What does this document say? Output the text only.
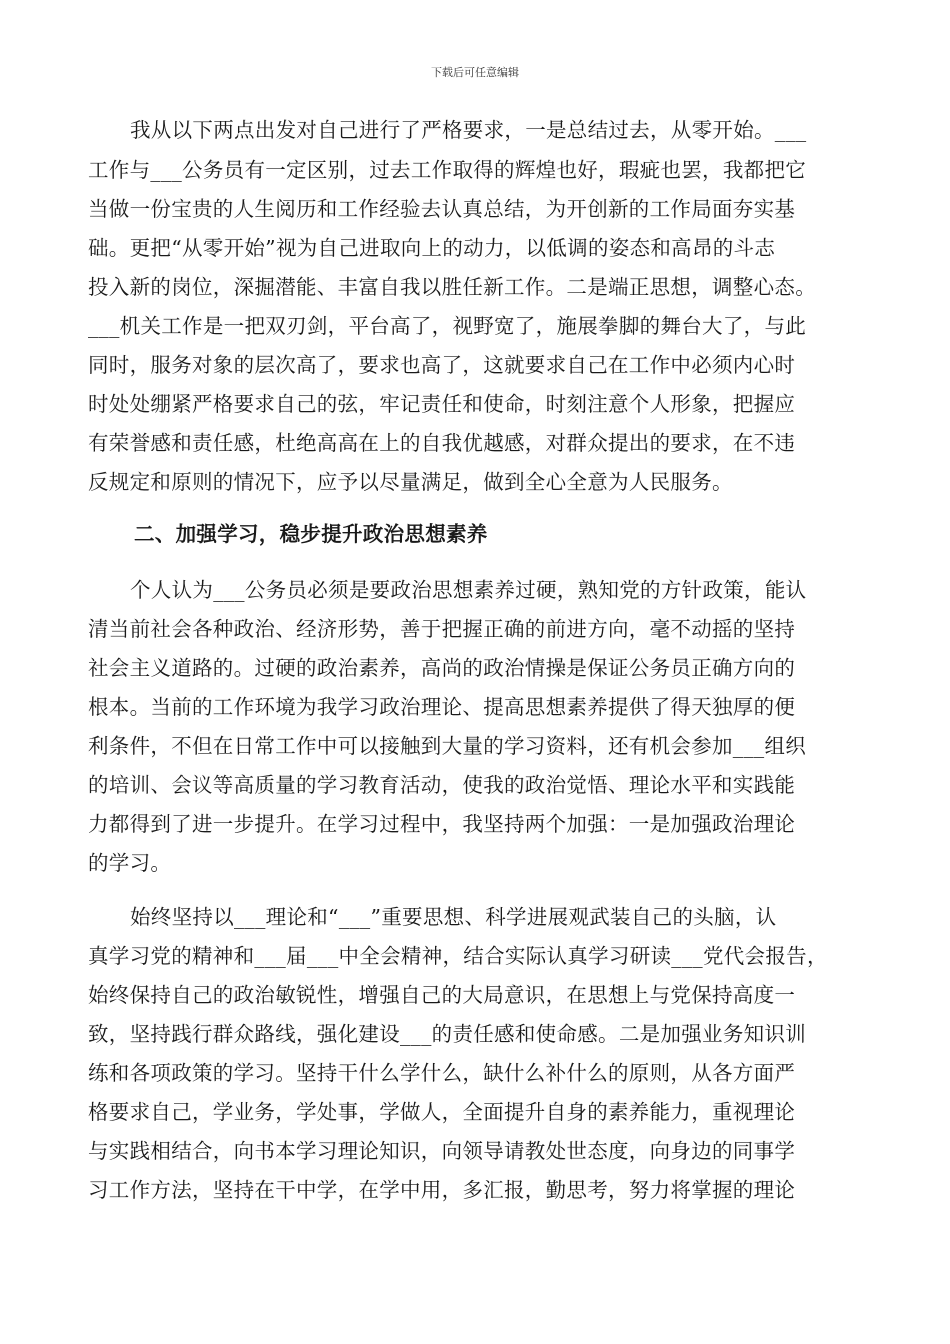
下载后可任意编辑
我从以下两点出发对自己进行了严格要求，一是总结过去，从零开始。___
工作与___公务员有一定区别，过去工作取得的辉煌也好，瑕疵也罢，我都把它
当做一份宝贵的人生阅历和工作经验去认真总结，为开创新的工作局面夯实基
础。更把“从零开始”视为自己进取向上的动力，以低调的姿态和高昂的斗志
投入新的岗位，深掘潜能、丰富自我以胜任新工作。二是端正思想，调整心态。
___机关工作是一把双刃剑，平台高了，视野宽了，施展拳脚的舞台大了，与此
同时，服务对象的层次高了，要求也高了，这就要求自己在工作中必须内心时
时处处绷紧严格要求自己的弦，牢记责任和使命，时刻注意个人形象，把握应
有荣誉感和责任感，杜绝高高在上的自我优越感，对群众提出的要求，在不违
反规定和原则的情况下，应予以尽量满足，做到全心全意为人民服务。
二、加强学习，稳步提升政治思想素养
个人认为___公务员必须是要政治思想素养过硬，熟知党的方针政策，能认
清当前社会各种政治、经济形势，善于把握正确的前进方向，毫不动摇的坚持
社会主义道路的。过硬的政治素养，高尚的政治情操是保证公务员正确方向的
根本。当前的工作环境为我学习政治理论、提高思想素养提供了得天独厚的便
利条件，不但在日常工作中可以接触到大量的学习资料，还有机会参加___组织
的培训、会议等高质量的学习教育活动，使我的政治觉悟、理论水平和实践能
力都得到了进一步提升。在学习过程中，我坚持两个加强：一是加强政治理论
的学习。
始终坚持以___理论和“___”重要思想、科学进展观武装自己的头脑，认
真学习党的精神和___届___中全会精神，结合实际认真学习研读___党代会报告，
始终保持自己的政治敏锐性，增强自己的大局意识，在思想上与党保持高度一
致，坚持践行群众路线，强化建设___的责任感和使命感。二是加强业务知识训
练和各项政策的学习。坚持干什么学什么，缺什么补什么的原则，从各方面严
格要求自己，学业务，学处事，学做人，全面提升自身的素养能力，重视理论
与实践相结合，向书本学习理论知识，向领导请教处世态度，向身边的同事学
习工作方法，坚持在干中学，在学中用，多汇报，勤思考，努力将掌握的理论
